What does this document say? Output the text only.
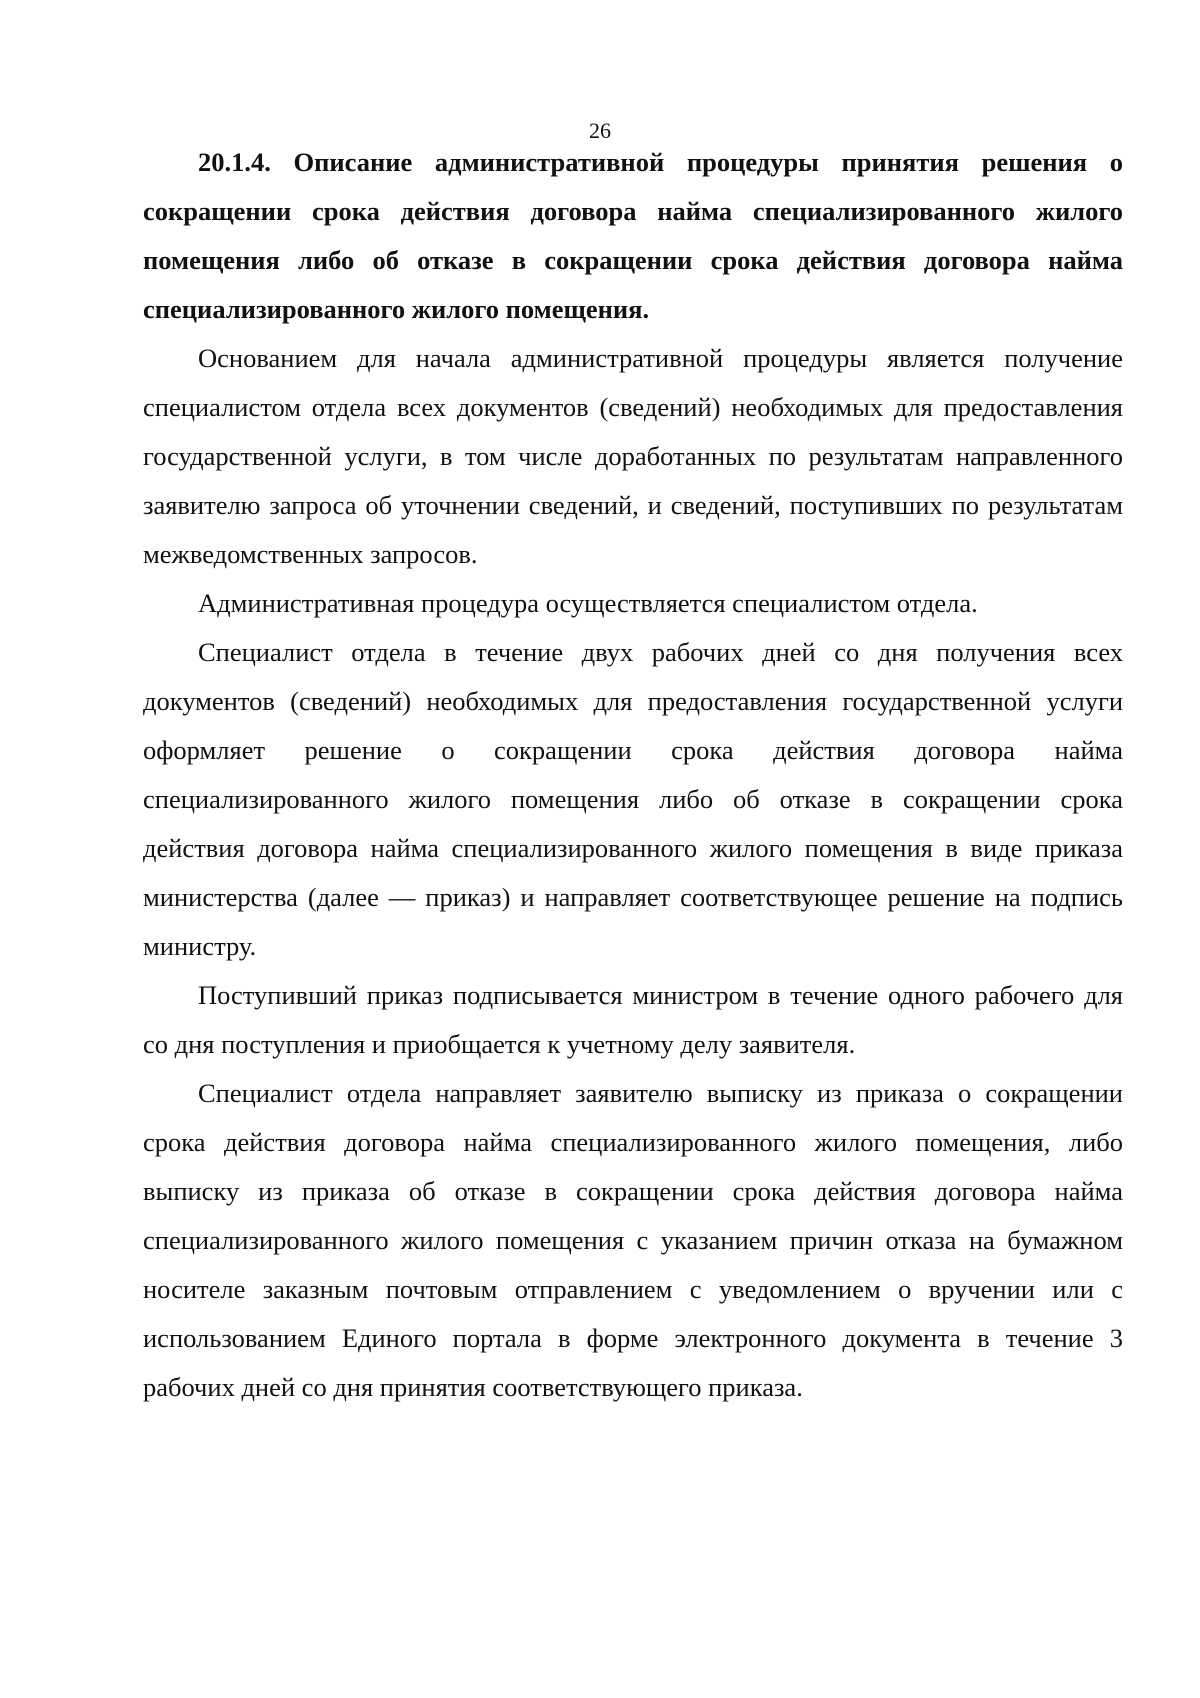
26

20.1.4. Описание административной процедуры принятия решения о сокращении срока действия договора найма специализированного жилого помещения либо об отказе в сокращении срока действия договора найма специализированного жилого помещения.

Основанием для начала административной процедуры является получение специалистом отдела всех документов (сведений) необходимых для предоставления государственной услуги, в том числе доработанных по результатам направленного заявителю запроса об уточнении сведений, и сведений, поступивших по результатам межведомственных запросов.

Административная процедура осуществляется специалистом отдела.

Специалист отдела в течение двух рабочих дней со дня получения всех документов (сведений) необходимых для предоставления государственной услуги оформляет решение о сокращении срока действия договора найма специализированного жилого помещения либо об отказе в сокращении срока действия договора найма специализированного жилого помещения в виде приказа министерства (далее — приказ) и направляет соответствующее решение на подпись министру.

Поступивший приказ подписывается министром в течение одного рабочего для со дня поступления и приобщается к учетному делу заявителя.

Специалист отдела направляет заявителю выписку из приказа о сокращении срока действия договора найма специализированного жилого помещения, либо выписку из приказа об отказе в сокращении срока действия договора найма специализированного жилого помещения с указанием причин отказа на бумажном носителе заказным почтовым отправлением с уведомлением о вручении или с использованием Единого портала в форме электронного документа в течение 3 рабочих дней со дня принятия соответствующего приказа.
